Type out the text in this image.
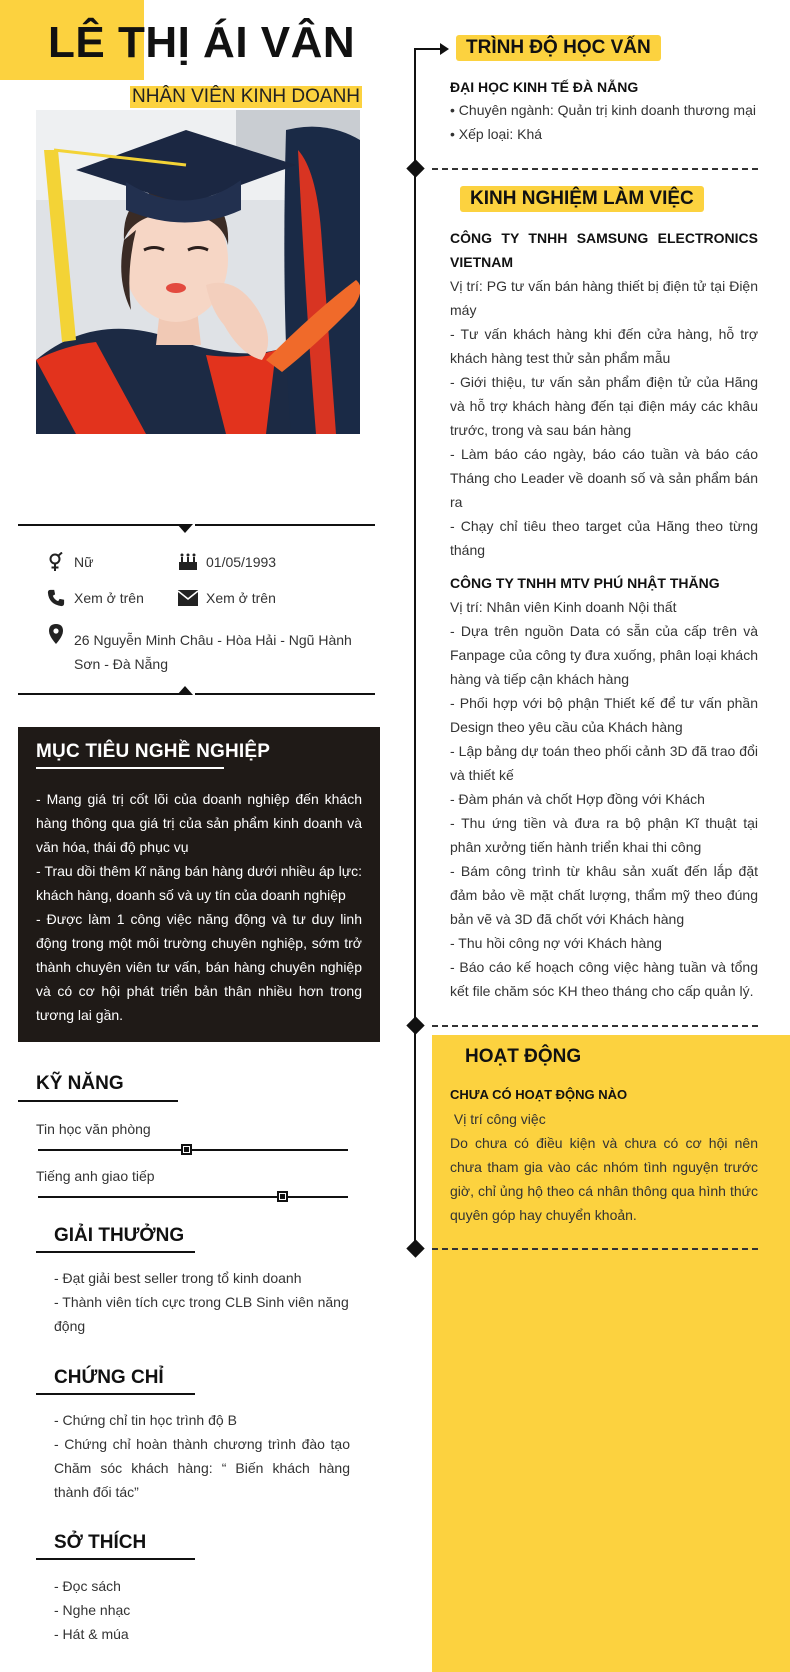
LÊ THỊ ÁI VÂN
NHÂN VIÊN KINH DOANH
Nữ	01/05/1993
Xem ở trên	Xem ở trên
26 Nguyễn Minh Châu - Hòa Hải - Ngũ Hành
Sơn - Đà Nẵng
MỤC TIÊU NGHỀ NGHIỆP
- Mang giá trị cốt lõi của doanh nghiệp đến khách hàng thông qua giá trị của sản phẩm kinh doanh và văn hóa, thái độ phục vụ
- Trau dồi thêm kĩ năng bán hàng dưới nhiều áp lực: khách hàng, doanh số và uy tín của doanh nghiệp
- Được làm 1 công việc năng động và tư duy linh động trong một môi trường chuyên nghiệp, sớm trở thành chuyên viên tư vấn, bán hàng chuyên nghiệp và có cơ hội phát triển bản thân nhiều hơn trong tương lai gần.
KỸ NĂNG
Tin học văn phòng
Tiếng anh giao tiếp
GIẢI THƯỞNG
- Đạt giải best seller trong tổ kinh doanh
- Thành viên tích cực trong CLB Sinh viên năng động
CHỨNG CHỈ
- Chứng chỉ tin học trình độ B
- Chứng chỉ hoàn thành chương trình đào tạo Chăm sóc khách hàng: “ Biến khách hàng thành đối tác”
SỞ THÍCH
- Đọc sách
- Nghe nhạc
- Hát & múa
TRÌNH ĐỘ HỌC VẤN
ĐẠI HỌC KINH TẾ ĐÀ NẴNG
• Chuyên ngành: Quản trị kinh doanh thương mại
• Xếp loại: Khá
KINH NGHIỆM LÀM VIỆC
CÔNG TY TNHH SAMSUNG ELECTRONICS VIETNAM
Vị trí: PG tư vấn bán hàng thiết bị điện tử tại Điện máy
- Tư vấn khách hàng khi đến cửa hàng, hỗ trợ khách hàng test thử sản phẩm mẫu
- Giới thiệu, tư vấn sản phẩm điện tử của Hãng và hỗ trợ khách hàng đến tại điện máy các khâu trước, trong và sau bán hàng
- Làm báo cáo ngày, báo cáo tuần và báo cáo Tháng cho Leader về doanh số và sản phẩm bán ra
- Chạy chỉ tiêu theo target của Hãng theo từng tháng
CÔNG TY TNHH MTV PHÚ NHẬT THĂNG
Vị trí: Nhân viên Kinh doanh Nội thất
- Dựa trên nguồn Data có sẵn của cấp trên và Fanpage của công ty đưa xuống, phân loại khách hàng và tiếp cận khách hàng
- Phối hợp với bộ phận Thiết kế để tư vấn phần Design theo yêu cầu của Khách hàng
- Lập bảng dự toán theo phối cảnh 3D đã trao đổi và thiết kế
- Đàm phán và chốt Hợp đồng với Khách
- Thu ứng tiền và đưa ra bộ phận Kĩ thuật tại phân xưởng tiến hành triển khai thi công
- Bám công trình từ khâu sản xuất đến lắp đặt đảm bảo về mặt chất lượng, thẩm mỹ theo đúng bản vẽ và 3D đã chốt với Khách hàng
- Thu hồi công nợ với Khách hàng
- Báo cáo kế hoạch công việc hàng tuần và tổng kết file chăm sóc KH theo tháng cho cấp quản lý.
HOẠT ĐỘNG
CHƯA CÓ HOẠT ĐỘNG NÀO
Vị trí công việc
Do chưa có điều kiện và chưa có cơ hội nên chưa tham gia vào các nhóm tình nguyện trước giờ, chỉ ủng hộ theo cá nhân thông qua hình thức quyên góp hay chuyển khoản.
